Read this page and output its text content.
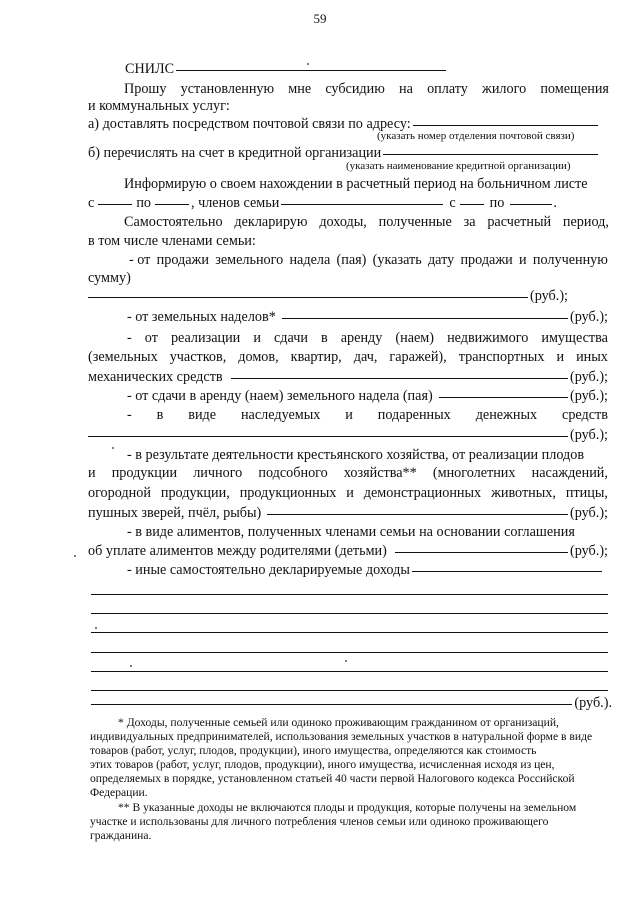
59
СНИЛС
Прошу установленную мне субсидию на оплату жилого помещения
и коммунальных услуг:
а) доставлять посредством почтовой связи по адресу:
(указать номер отделения почтовой связи)
б) перечислять на счет в кредитной организации
(указать наименование кредитной организации)
Информирую о своем нахождении в расчетный период на больничном листе
с	по	, членов семьи	с по	.
Самостоятельно декларирую доходы, полученные за расчетный период,
в том числе членами семьи:
- от продажи земельного надела (пая) (указать дату продажи и полученную
сумму)
(руб.);
- от земельных наделов*	(руб.);
- от реализации и сдачи в аренду (наем) недвижимого имущества
(земельных участков, домов, квартир, дач, гаражей), транспортных и иных
механических средств	(руб.);
- от сдачи в аренду (наем) земельного надела (пая)	(руб.);
- в виде наследуемых и подаренных денежных средств
(руб.);
- в результате деятельности крестьянского хозяйства, от реализации плодов
и продукции личного подсобного хозяйства** (многолетних насаждений,
огородной продукции, продукционных и демонстрационных животных, птицы,
пушных зверей, пчёл, рыбы)	(руб.);
- в виде алиментов, полученных членами семьи на основании соглашения
об уплате алиментов между родителями (детьми)	(руб.);
- иные самостоятельно декларируемые доходы
(руб.).
* Доходы, полученные семьей или одиноко проживающим гражданином от организаций,
индивидуальных предпринимателей, использования земельных участков в натуральной форме в виде
товаров (работ, услуг, плодов, продукции), иного имущества, определяются как стоимость
этих товаров (работ, услуг, плодов, продукции), иного имущества, исчисленная исходя из цен,
определяемых в порядке, установленном статьей 40 части первой Налогового кодекса Российской
Федерации.
** В указанные доходы не включаются плоды и продукция, которые получены на земельном
участке и использованы для личного потребления членов семьи или одиноко проживающего
гражданина.
